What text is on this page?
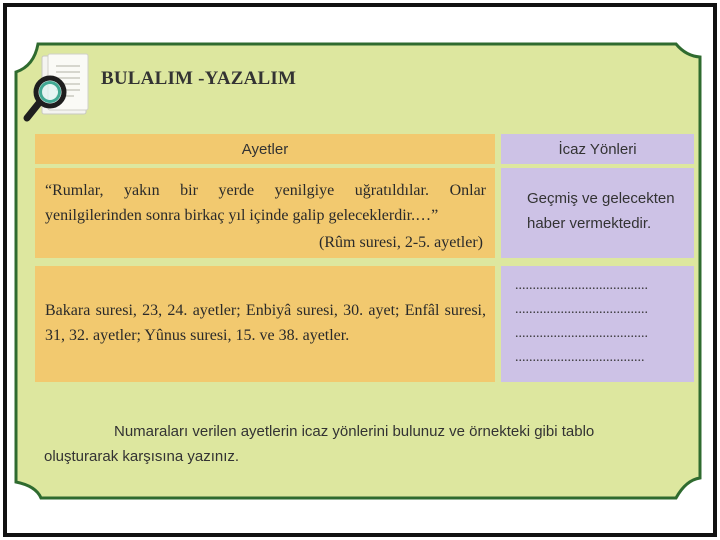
BULALIM -YAZALIM
Ayetler	İcaz Yönleri
“Rumlar, yakın bir yerde yenilgiye uğratıldılar. Onlar
yenilgilerinden sonra birkaç yıl içinde galip geleceklerdir.…”
(Rûm suresi, 2-5. ayetler)
Geçmiş ve gelecekten
haber vermektedir.
Bakara suresi, 23, 24. ayetler; Enbiyâ suresi, 30. ayet; Enfâl suresi, 31, 32. ayetler; Yûnus suresi, 15. ve 38. ayetler.
......................................
......................................
......................................
.....................................
Numaraları verilen ayetlerin icaz yönlerini bulunuz ve örnekteki gibi tablo
oluşturarak karşısına yazınız.
